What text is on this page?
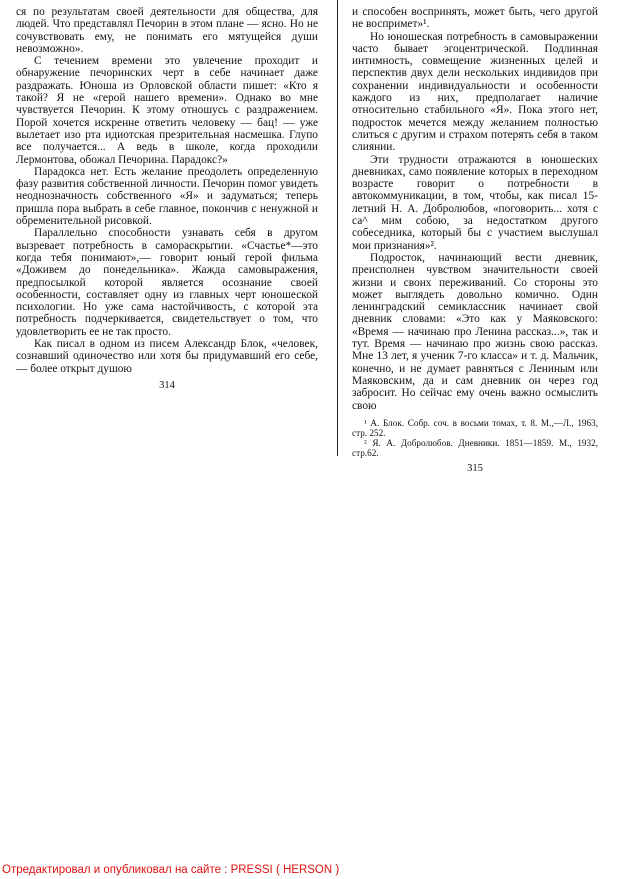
ся по результатам своей деятельности для общества, для людей. Что представлял Печорин в этом плане — ясно. Но не сочувствовать ему, не понимать его мятущейся души невозможно».

С течением времени это увлечение проходит и обнаружение печоринских черт в себе начинает даже раздражать. Юноша из Орловской области пишет: «Кто я такой? Я не «герой нашего времени». Однако во мне чувствуется Печорин. К этому отношусь с раздражением. Порой хочется искренне ответить человеку — бац! — уже вылетает изо рта идиотская презрительная насмешка. Глупо все получается... А ведь в школе, когда проходили Лермонтова, обожал Печорина. Парадокс?»

Парадокса нет. Есть желание преодолеть определенную фазу развития собственной личности. Печорин помог увидеть неоднозначность собственного «Я» и задуматься; теперь пришла пора выбрать в себе главное, покончив с ненужной и обременительной рисовкой.

Параллельно способности узнавать себя в другом вызревает потребность в самораскрытии. «Счастье*—это когда тебя понимают»,— говорит юный герой фильма «Доживем до понедельника». Жажда самовыражения, предпосылкой которой является осознание своей особенности, составляет одну из главных черт юношеской психологии. Но уже сама настойчивость, с которой эта потребность подчеркивается, свидетельствует о том, что удовлетворить ее не так просто.

Как писал в одном из писем Александр Блок, «человек, сознавший одиночество или хотя бы придумавший его себе,— более открыт душою

314

и способен воспринять, может быть, чего другой не воспримет»¹.

Но юношеская потребность в самовыражении часто бывает эгоцентрической. Подлинная интимность, совмещение жизненных целей и перспектив двух дели нескольких индивидов при сохранении индивидуальности и особенности каждого из них, предполагает наличие относительно стабильного «Я». Пока этого нет, подросток мечется между желанием полностью слиться с другим и страхом потерять себя в таком слиянии.

Эти трудности отражаются в юношеских дневниках, само появление которых в переходном возрасте говорит о потребности в автокоммуникации, в том, чтобы, как писал 15-летний Н. А. Добролюбов, «поговорить... хотя с са^ мим собою, за недостатком другого собеседника, который бы с участием выслушал мои признания»².

Подросток, начинающий вести дневник, преисполнен чувством значительности своей жизни и своих переживаний. Со стороны это может выглядеть довольно комично. Один ленинградский семиклассник начинает свой дневник словами: «Это как у Маяковского: «Время — начинаю про Ленина рассказ...», так и тут. Время — начинаю про жизнь свою рассказ. Мне 13 лет, я ученик 7-го класса» и т. д. Мальчик, конечно, и не думает равняться с Лениным или Маяковским, да и сам дневник он через год забросит. Но сейчас ему очень важно осмыслить свою

¹ А. Блок. Собр. соч. в восьми томах, т. 8. М.,—Л., 1963, стр. 252.

² Я. А. Добролюбов. Дневники. 1851—1859. М., 1932, стр.62.

315

Отредактировал и опубликовал на сайте : PRESSI ( HERSON )
